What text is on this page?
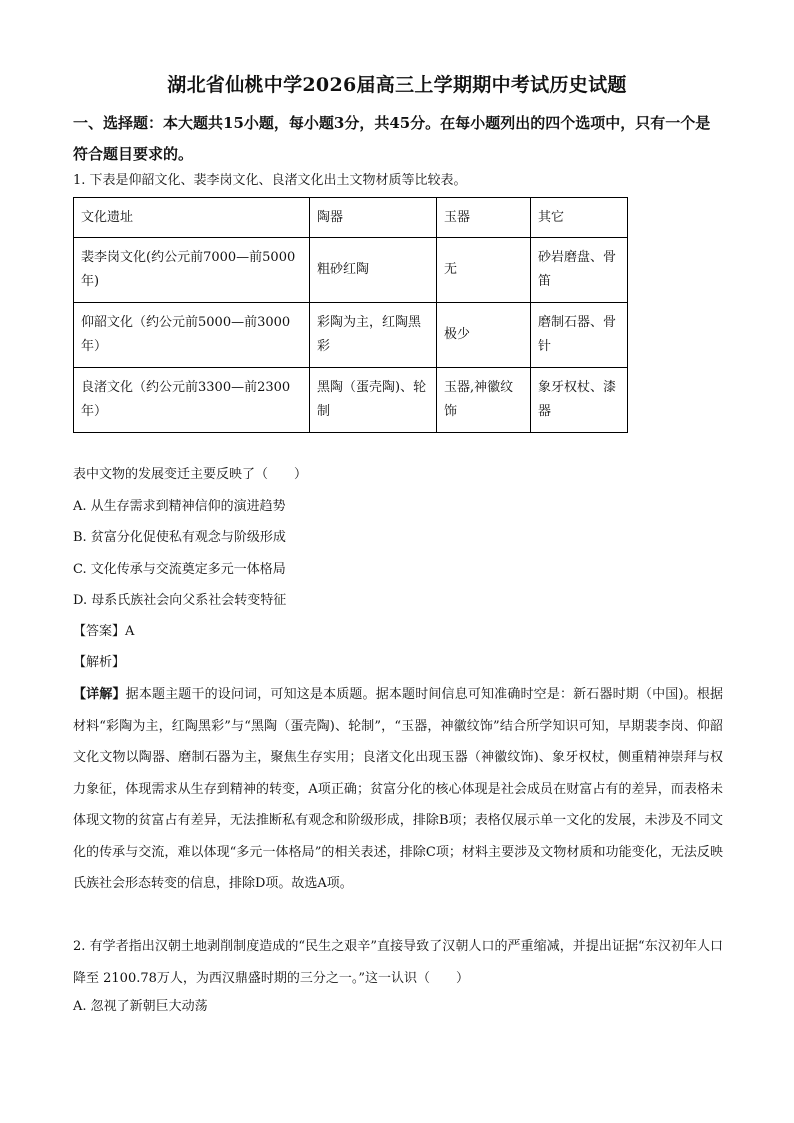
湖北省仙桃中学2026届高三上学期期中考试历史试题
一、选择题：本大题共15小题，每小题3分，共45分。在每小题列出的四个选项中，只有一个是符合题目要求的。
1. 下表是仰韶文化、裴李岗文化、良渚文化出土文物材质等比较表。
文化遗址	陶器	玉器	其它
裴李岗文化(约公元前7000—前5000年)	粗砂红陶	无	砂岩磨盘、骨笛
仰韶文化（约公元前5000—前3000年）	彩陶为主，红陶黑彩	极少	磨制石器、骨针
良渚文化（约公元前3300—前2300年）	黑陶（蛋壳陶)、轮制	玉器,神徽纹饰	象牙权杖、漆器
表中文物的发展变迁主要反映了（　　）
A. 从生存需求到精神信仰的演进趋势
B. 贫富分化促使私有观念与阶级形成
C. 文化传承与交流奠定多元一体格局
D. 母系氏族社会向父系社会转变特征
【答案】A
【解析】
【详解】据本题主题干的设问词，可知这是本质题。据本题时间信息可知准确时空是：新石器时期（中国)。根据材料“彩陶为主，红陶黑彩”与“黑陶（蛋壳陶)、轮制”，“玉器，神徽纹饰”结合所学知识可知，早期裴李岗、仰韶文化文物以陶器、磨制石器为主，聚焦生存实用；良渚文化出现玉器（神徽纹饰)、象牙权杖，侧重精神崇拜与权力象征，体现需求从生存到精神的转变，A项正确；贫富分化的核心体现是社会成员在财富占有的差异，而表格未体现文物的贫富占有差异，无法推断私有观念和阶级形成，排除B项；表格仅展示单一文化的发展，未涉及不同文化的传承与交流，难以体现“多元一体格局”的相关表述，排除C项；材料主要涉及文物材质和功能变化，无法反映氏族社会形态转变的信息，排除D项。故选A项。
2. 有学者指出汉朝土地剥削制度造成的“民生之艰辛”直接导致了汉朝人口的严重缩减，并提出证据“东汉初年人口降至 2100.78万人，为西汉鼎盛时期的三分之一。”这一认识（　　）
A. 忽视了新朝巨大动荡
